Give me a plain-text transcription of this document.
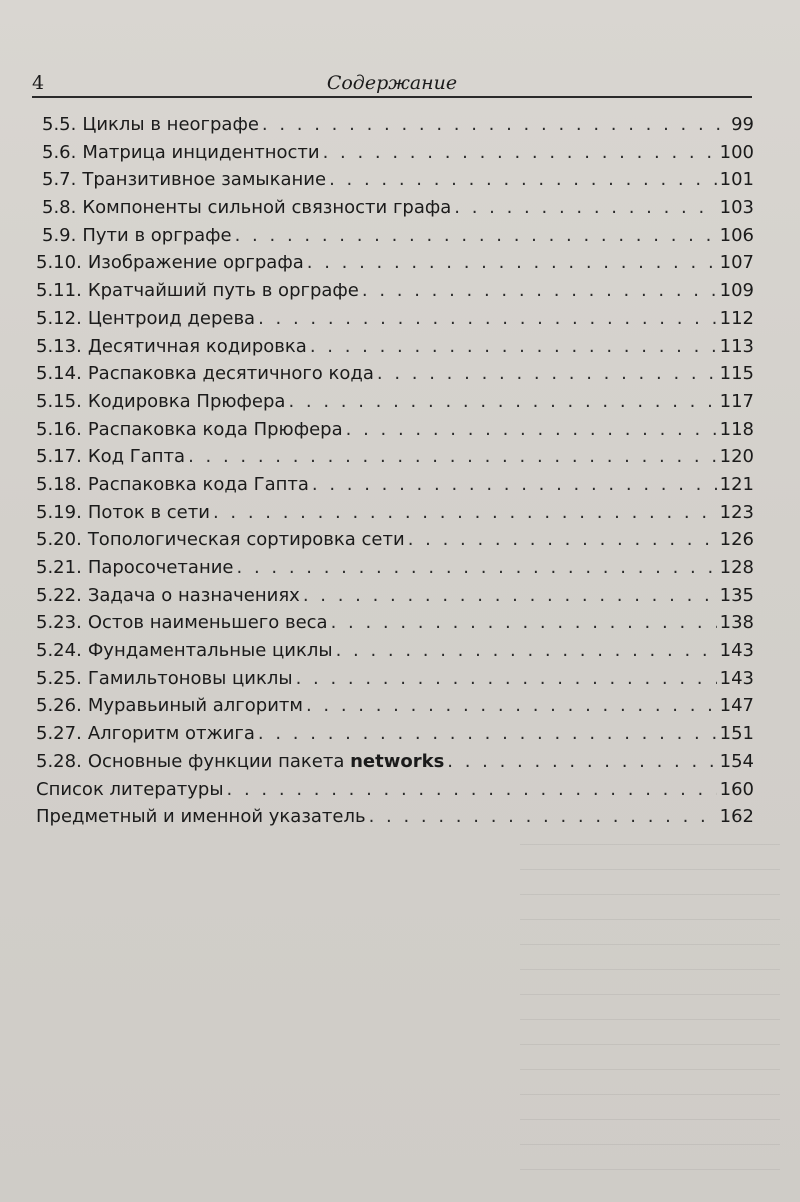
4	Содержание
5.5. Циклы в неографе . . .	99
5.6. Матрица инцидентности . . .	100
5.7. Транзитивное замыкание . . .	101
5.8. Компоненты сильной связности графа . . .	103
5.9. Пути в орграфе . . .	106
5.10. Изображение орграфа . . .	107
5.11. Кратчайший путь в орграфе . . .	109
5.12. Центроид дерева . . .	112
5.13. Десятичная кодировка . . .	113
5.14. Распаковка десятичного кода . . .	115
5.15. Кодировка Прюфера . . .	117
5.16. Распаковка кода Прюфера . . .	118
5.17. Код Гапта . . .	120
5.18. Распаковка кода Гапта . . .	121
5.19. Поток в сети . . .	123
5.20. Топологическая сортировка сети . . .	126
5.21. Паросочетание . . .	128
5.22. Задача о назначениях . . .	135
5.23. Остов наименьшего веса . . .	138
5.24. Фундаментальные циклы . . .	143
5.25. Гамильтоновы циклы . . .	143
5.26. Муравьиный алгоритм . . .	147
5.27. Алгоритм отжига . . .	151
5.28. Основные функции пакета networks . . .	154
Список литературы . . .	160
Предметный и именной указатель . . .	162
